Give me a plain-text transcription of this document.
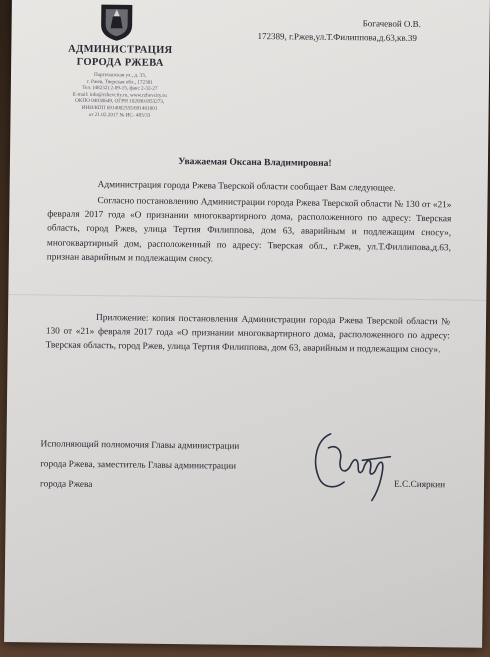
АДМИНИСТРАЦИЯ
ГОРОДА РЖЕВА
Партизанская ул., д. 33,
г. Ржев, Тверская обл., 172381
Тел. (48232) 2-09-15, факс 2-32-27
E-mail: info@rzhevcity.ru, www.rzhevcity.ru
ОКПО 04038649, ОГРН 1026901853273,
ИНН/КПП 6914002555/691401001
от 21.02.2017 № ИС- 485/33
Богачевой О.В.
172389, г.Ржев,ул.Т.Филиппова,д.63,кв.39
Уважаемая Оксана Владимировна!
Администрация города Ржева Тверской области сообщает Вам следующее.
Согласно постановлению Администрации города Ржева Тверской области № 130 от «21» февраля 2017 года «О признании многоквартирного дома, расположенного по адресу: Тверская область, город Ржев, улица Тертия Филиппова, дом 63, аварийным и подлежащим сносу», многоквартирный дом, расположенный по адресу: Тверская обл., г.Ржев, ул.Т.Филлипова,д.63, признан аварийным и подлежащим сносу.
Приложение: копия постановления Администрации города Ржева Тверской области № 130 от «21» февраля 2017 года «О признании многоквартирного дома, расположенного по адресу: Тверская область, город Ржев, улица Тертия Филиппова, дом 63, аварийным и подлежащим сносу».
Исполняющий полномочия Главы администрации
города Ржева, заместитель Главы администрации
города Ржева	Е.С.Сияркин
